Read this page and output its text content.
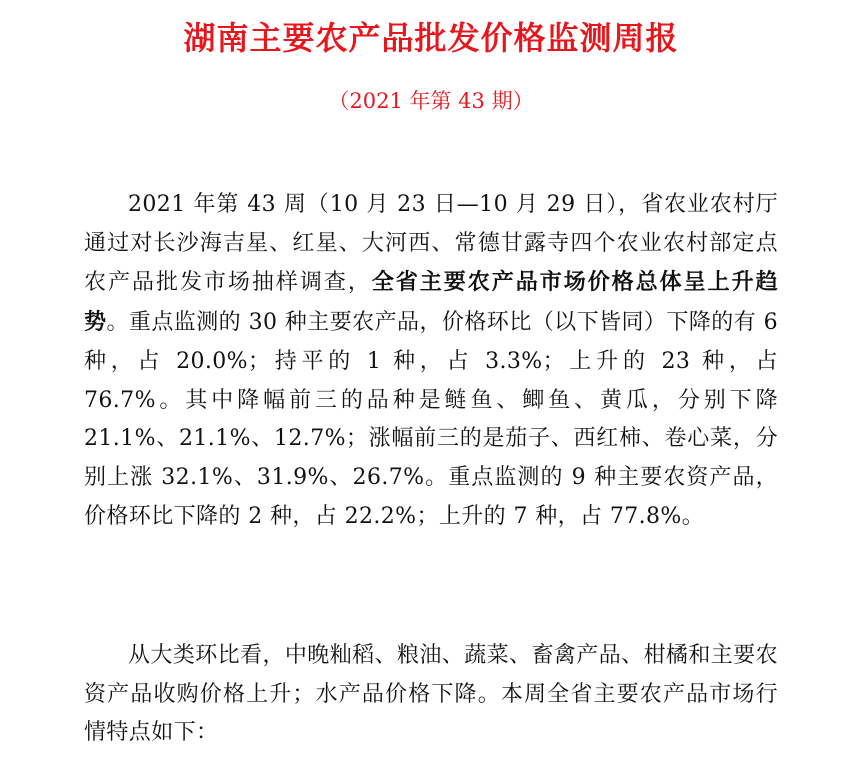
湖南主要农产品批发价格监测周报
（2021 年第 43 期）

2021 年第 43 周（10 月 23 日—10 月 29 日），省农业农村厅通过对长沙海吉星、红星、大河西、常德甘露寺四个农业农村部定点农产品批发市场抽样调查，全省主要农产品市场价格总体呈上升趋势。重点监测的 30 种主要农产品，价格环比（以下皆同）下降的有 6 种，占 20.0%；持平的 1 种，占 3.3%；上升的 23 种，占 76.7%。其中降幅前三的品种是鲢鱼、鲫鱼、黄瓜，分别下降 21.1%、21.1%、12.7%；涨幅前三的是茄子、西红柿、卷心菜，分别上涨 32.1%、31.9%、26.7%。重点监测的 9 种主要农资产品，价格环比下降的 2 种，占 22.2%；上升的 7 种，占 77.8%。

从大类环比看，中晚籼稻、粮油、蔬菜、畜禽产品、柑橘和主要农资产品收购价格上升；水产品价格下降。本周全省主要农产品市场行情特点如下：
